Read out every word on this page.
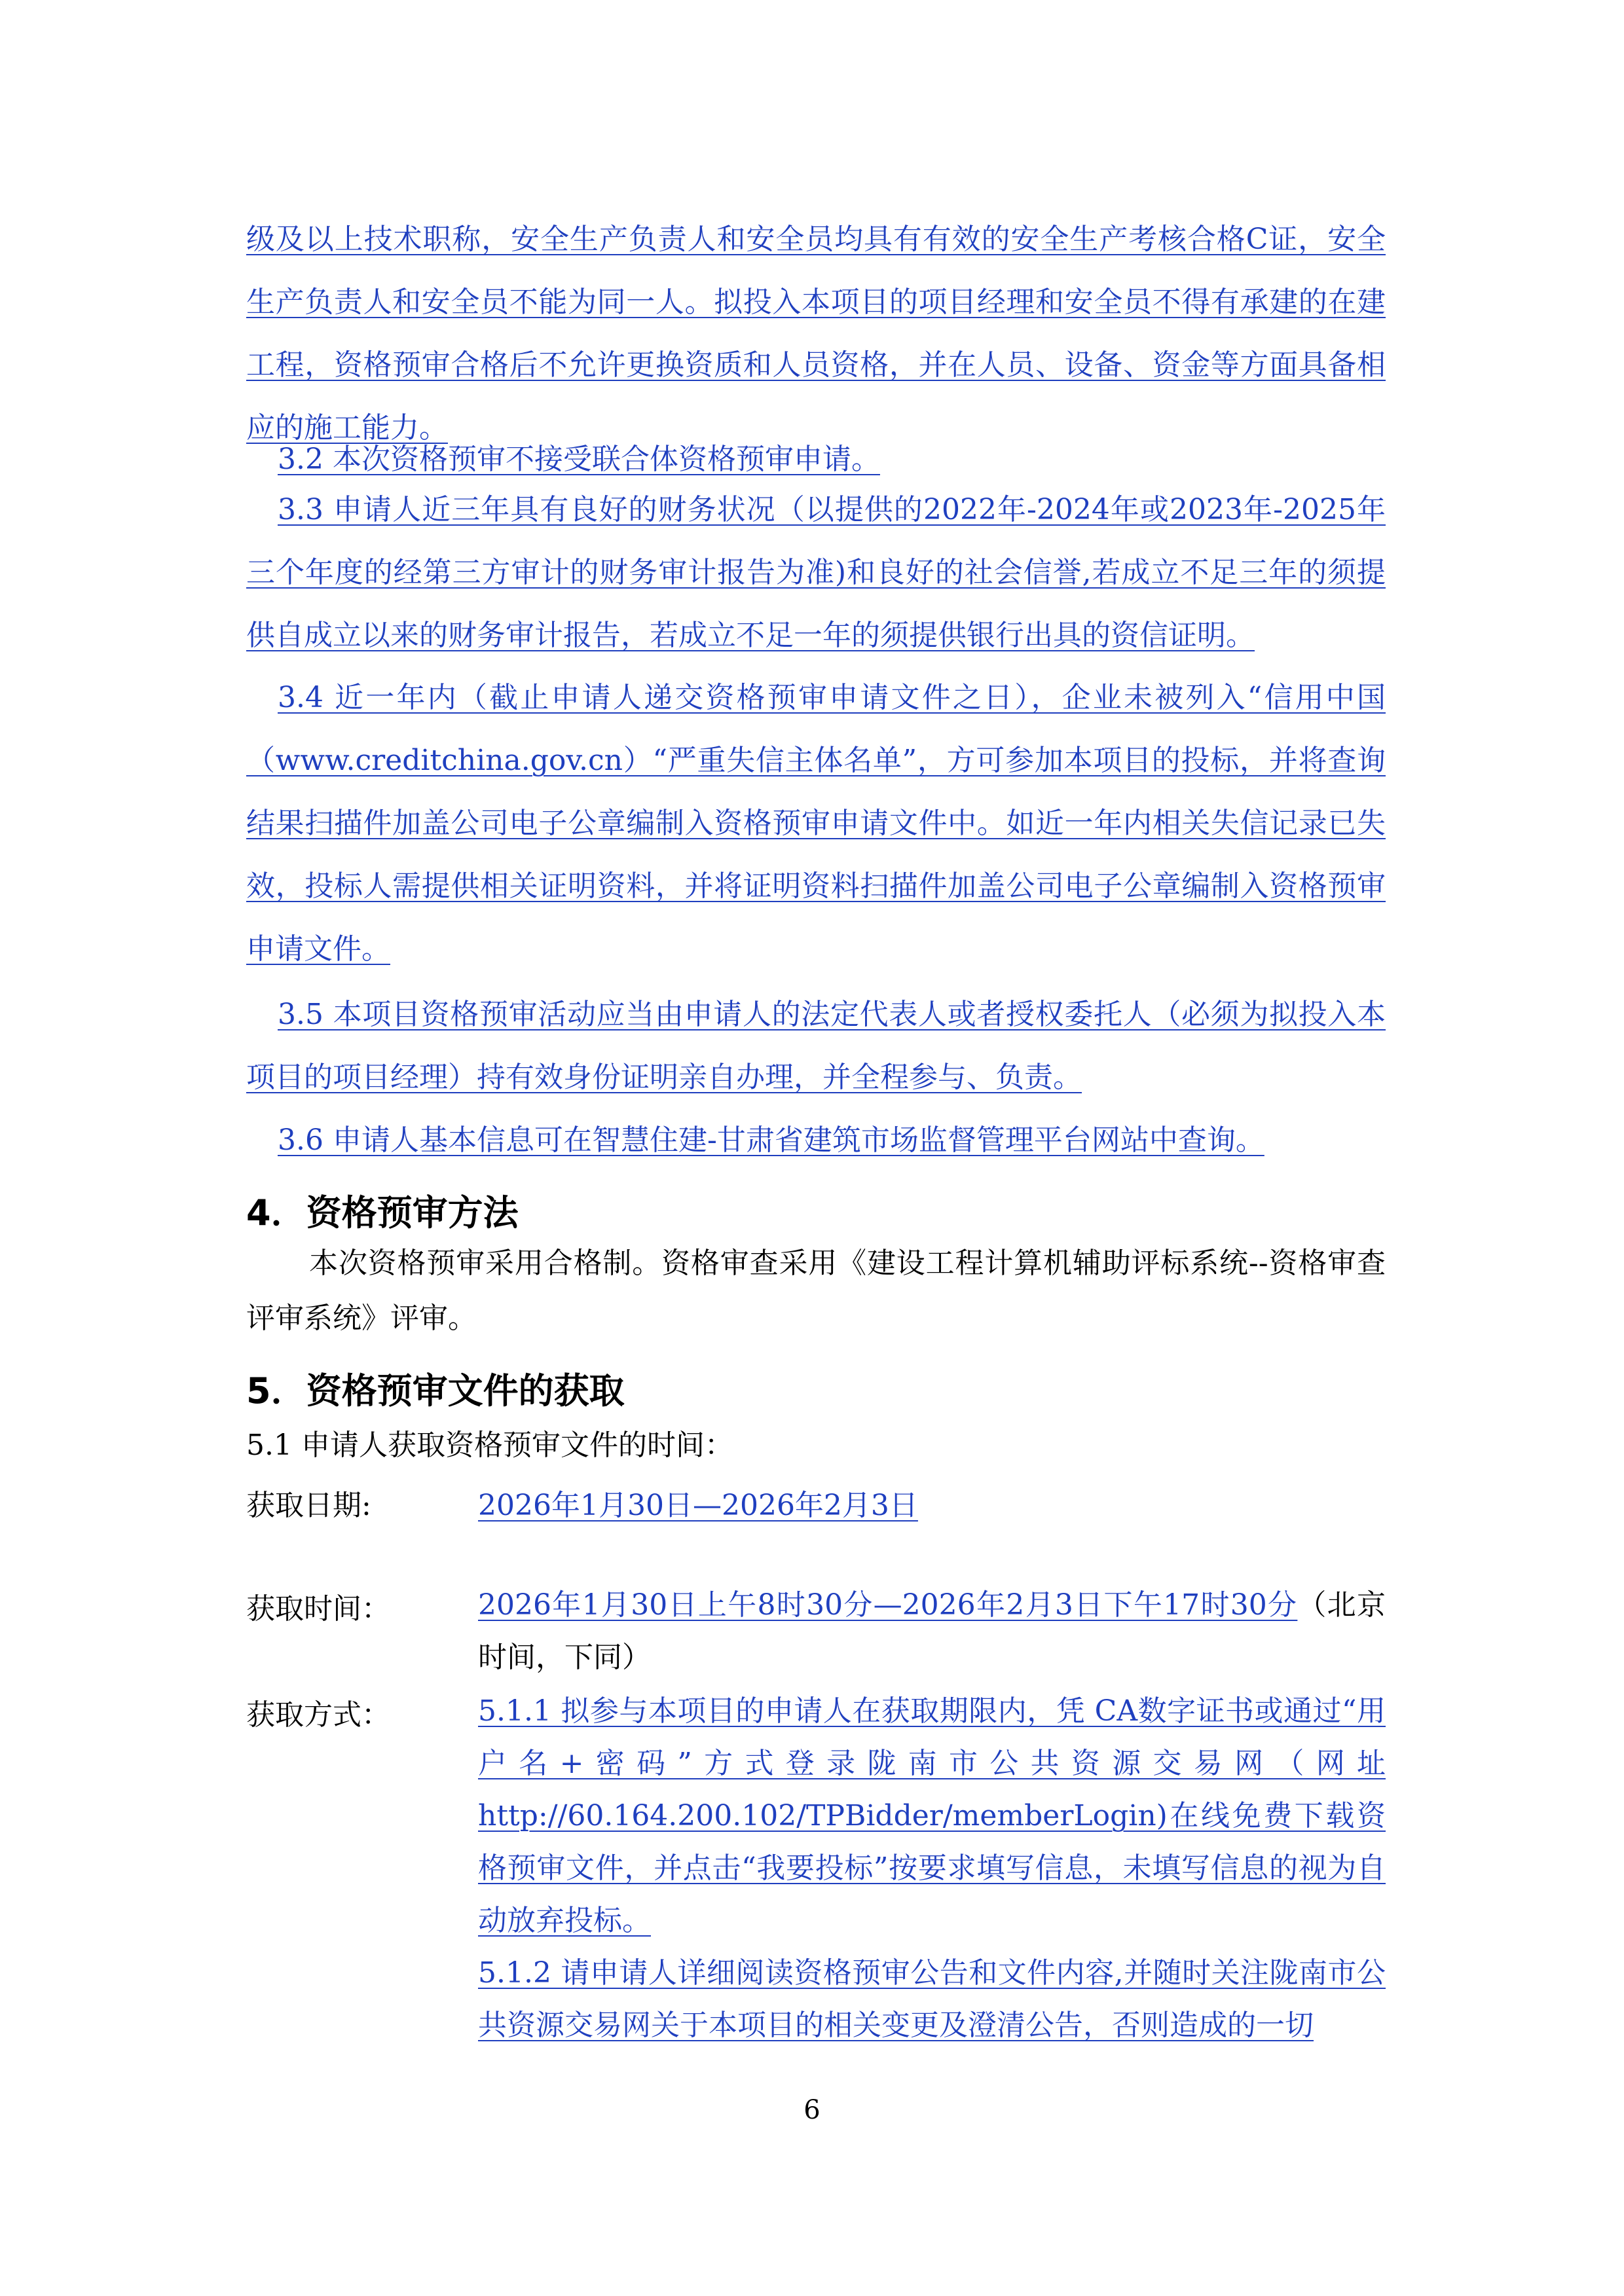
级及以上技术职称，安全生产负责人和安全员均具有有效的安全生产考核合格C证，安全生产负责人和安全员不能为同一人。拟投入本项目的项目经理和安全员不得有承建的在建工程，资格预审合格后不允许更换资质和人员资格，并在人员、设备、资金等方面具备相应的施工能力。

3.2 本次资格预审不接受联合体资格预审申请。

3.3 申请人近三年具有良好的财务状况（以提供的2022年-2024年或2023年-2025年三个年度的经第三方审计的财务审计报告为准)和良好的社会信誉,若成立不足三年的须提供自成立以来的财务审计报告，若成立不足一年的须提供银行出具的资信证明。

3.4 近一年内（截止申请人递交资格预审申请文件之日），企业未被列入“信用中国（www.creditchina.gov.cn）“严重失信主体名单”，方可参加本项目的投标，并将查询结果扫描件加盖公司电子公章编制入资格预审申请文件中。如近一年内相关失信记录已失效，投标人需提供相关证明资料，并将证明资料扫描件加盖公司电子公章编制入资格预审申请文件。

3.5 本项目资格预审活动应当由申请人的法定代表人或者授权委托人（必须为拟投入本项目的项目经理）持有效身份证明亲自办理，并全程参与、负责。

3.6 申请人基本信息可在智慧住建-甘肃省建筑市场监督管理平台网站中查询。

4．资格预审方法

本次资格预审采用合格制。资格审查采用《建设工程计算机辅助评标系统--资格审查评审系统》评审。

5．资格预审文件的获取

5.1 申请人获取资格预审文件的时间：

获取日期:	2026年1月30日—2026年2月3日

获取时间：	2026年1月30日上午8时30分—2026年2月3日下午17时30分（北京时间，下同）

获取方式：	5.1.1 拟参与本项目的申请人在获取期限内，凭 CA数字证书或通过“用户名+密码”方式登录陇南市公共资源交易网（网址http://60.164.200.102/TPBidder/memberLogin)在线免费下载资格预审文件，并点击“我要投标”按要求填写信息，未填写信息的视为自动放弃投标。

5.1.2 请申请人详细阅读资格预审公告和文件内容,并随时关注陇南市公共资源交易网关于本项目的相关变更及澄清公告，否则造成的一切

6
